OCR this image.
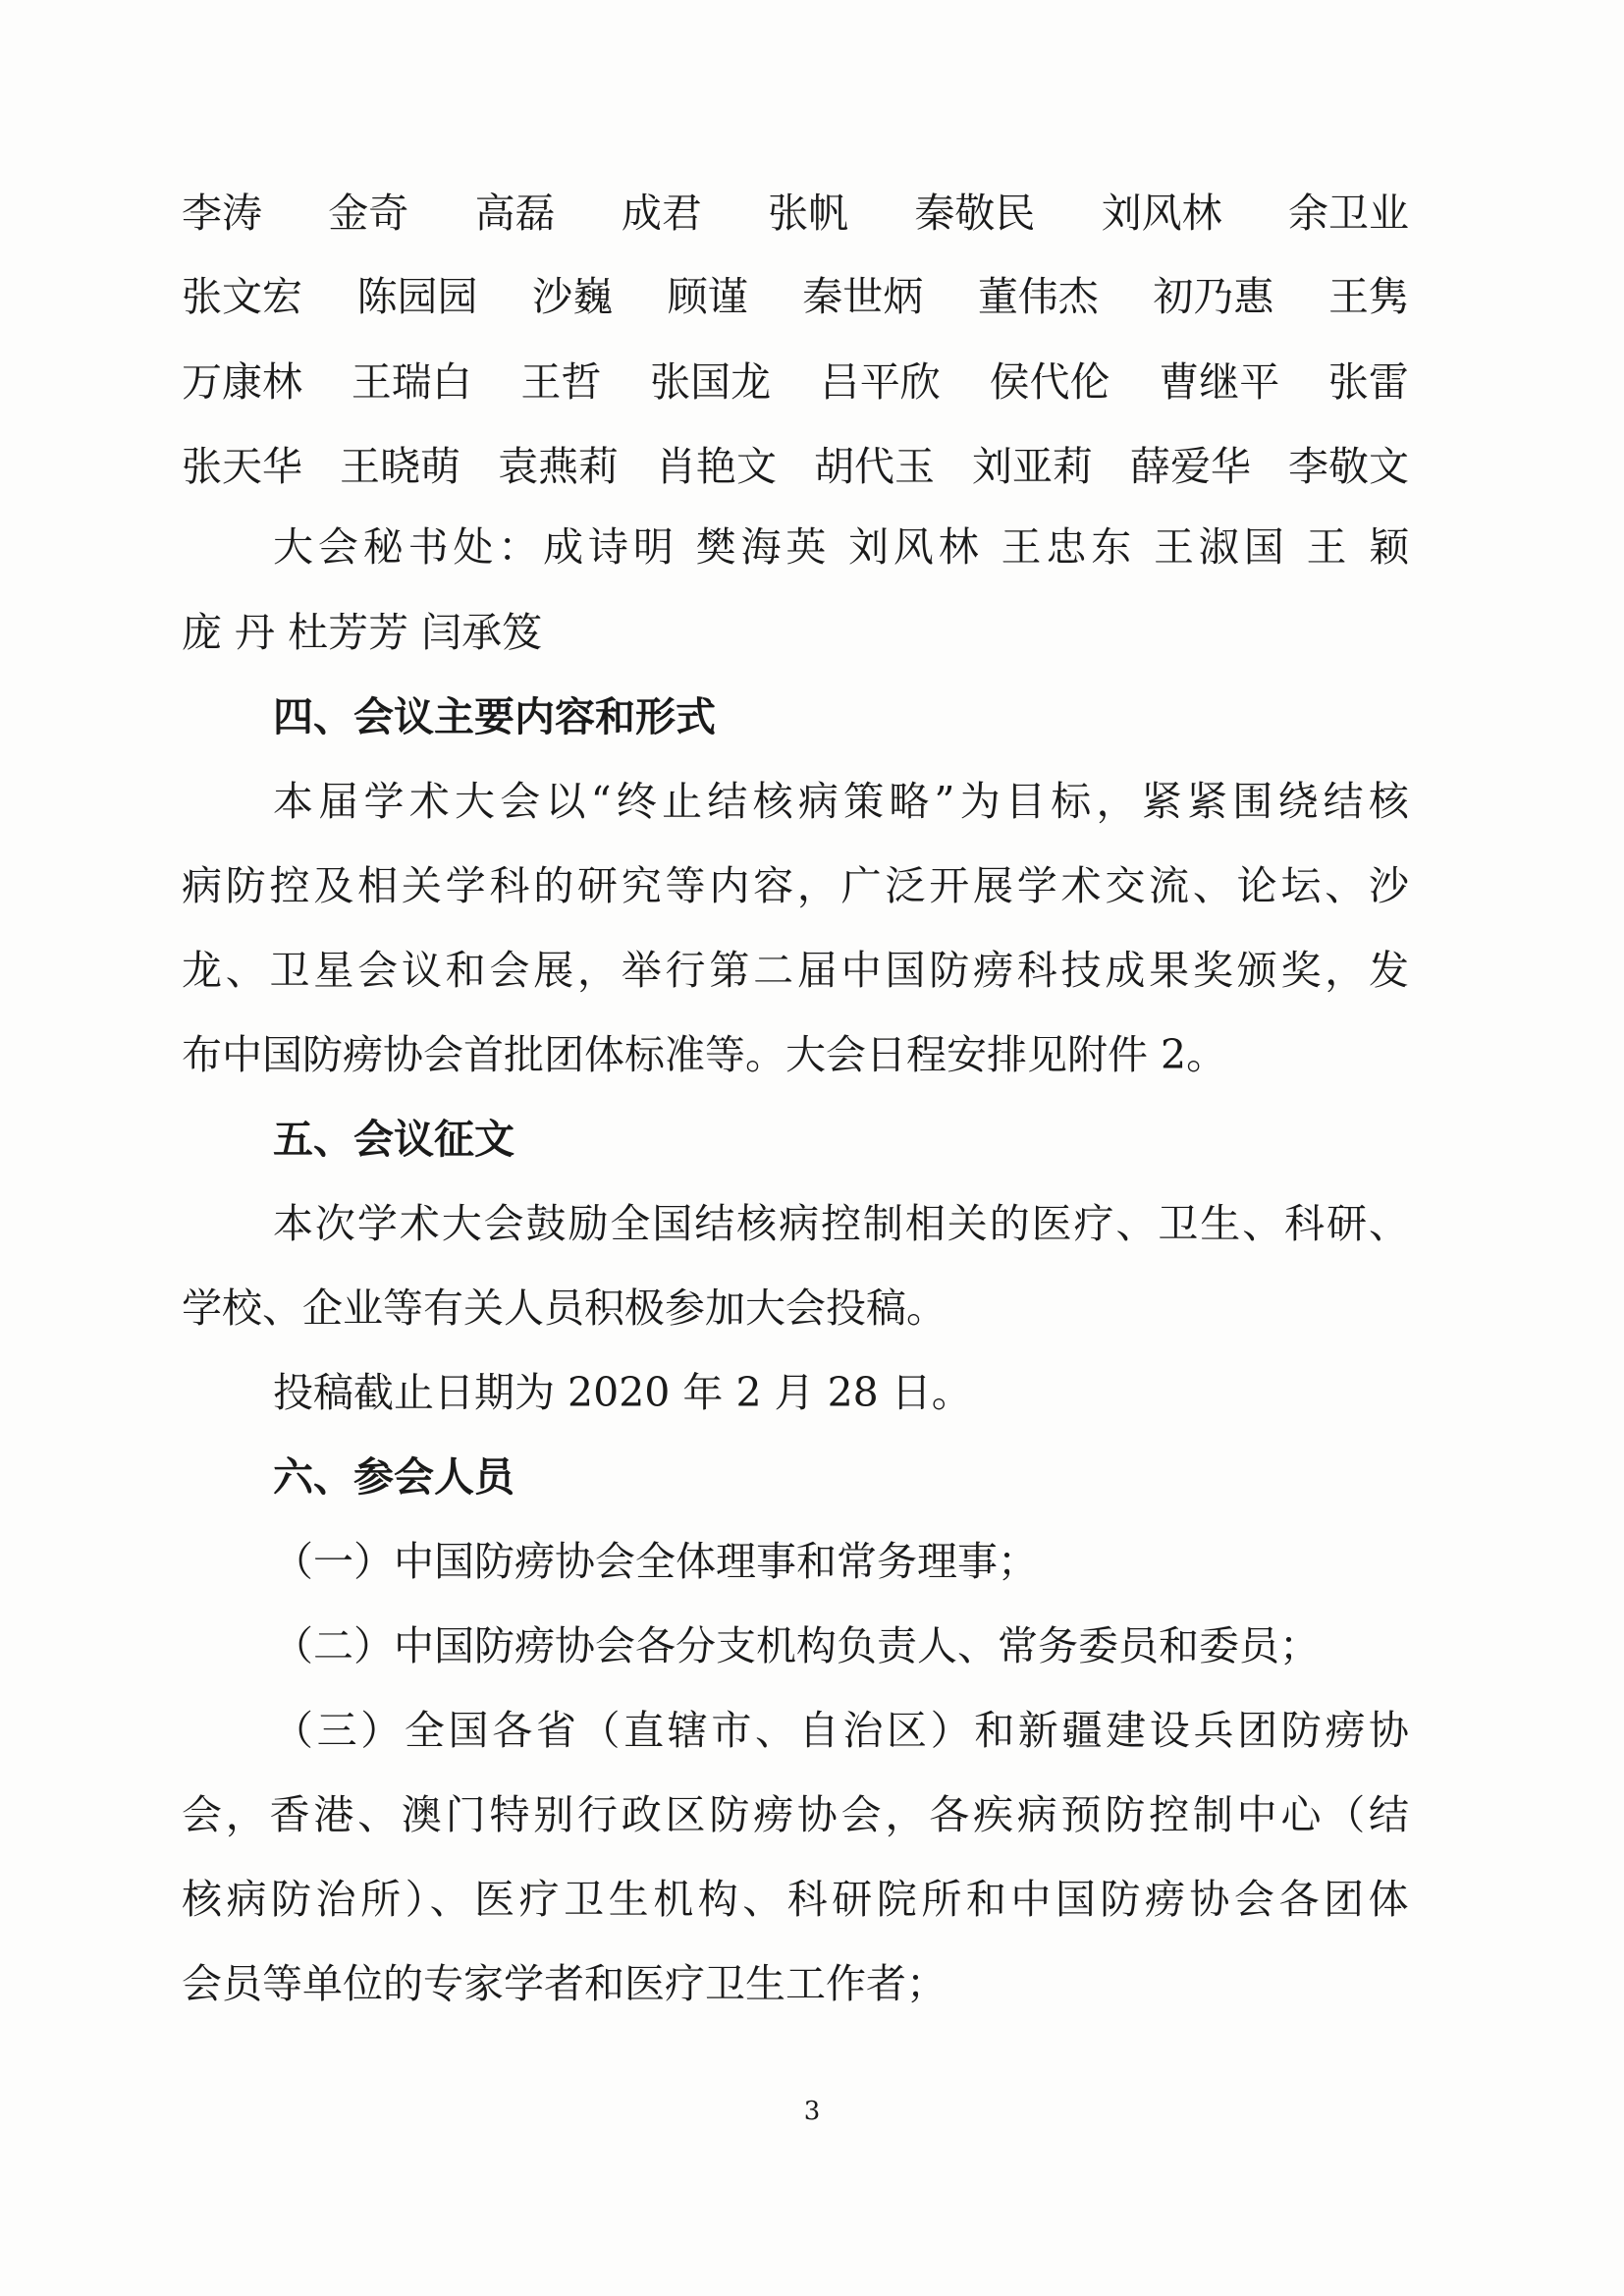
李涛 金奇 高磊 成君 张帆 秦敬民 刘风林 余卫业
张文宏 陈园园 沙巍 顾谨 秦世炳 董伟杰 初乃惠 王隽
万康林 王瑞白 王哲 张国龙 吕平欣 侯代伦 曹继平 张雷
张天华 王晓萌 袁燕莉 肖艳文 胡代玉 刘亚莉 薛爱华 李敬文
大会秘书处：成诗明 樊海英 刘风林 王忠东 王淑国 王 颖
庞 丹 杜芳芳 闫承笈
四、会议主要内容和形式
本届学术大会以“终止结核病策略”为目标，紧紧围绕结核
病防控及相关学科的研究等内容，广泛开展学术交流、论坛、沙
龙、卫星会议和会展，举行第二届中国防痨科技成果奖颁奖，发
布中国防痨协会首批团体标准等。大会日程安排见附件 2。
五、会议征文
本次学术大会鼓励全国结核病控制相关的医疗、卫生、科研、
学校、企业等有关人员积极参加大会投稿。
投稿截止日期为 2020 年 2 月 28 日。
六、参会人员
（一）中国防痨协会全体理事和常务理事；
（二）中国防痨协会各分支机构负责人、常务委员和委员；
（三）全国各省（直辖市、自治区）和新疆建设兵团防痨协
会，香港、澳门特别行政区防痨协会，各疾病预防控制中心（结
核病防治所）、医疗卫生机构、科研院所和中国防痨协会各团体
会员等单位的专家学者和医疗卫生工作者；
3
